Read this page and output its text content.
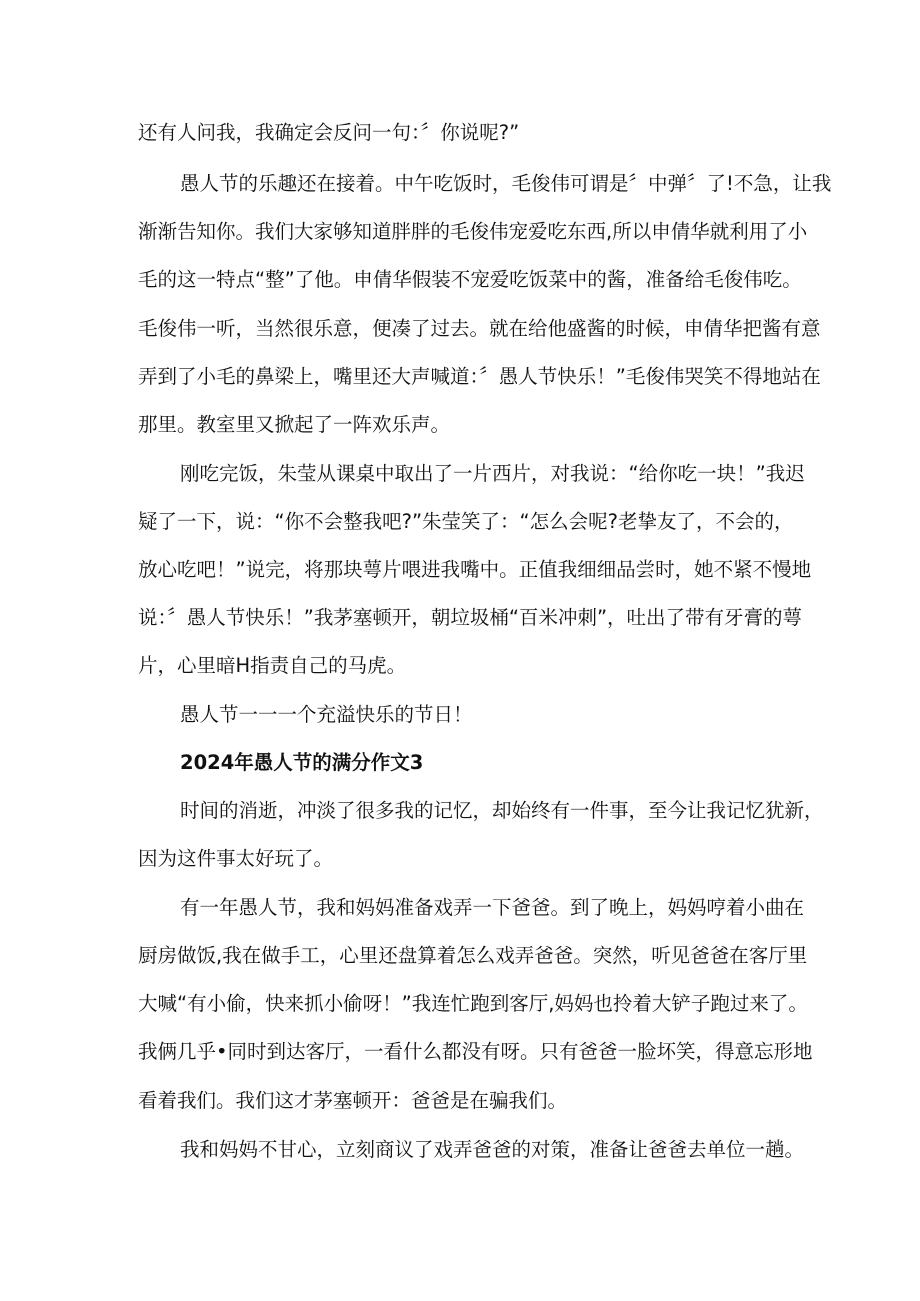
还有人问我，我确定会反问一句：〞你说呢?”
愚人节的乐趣还在接着。中午吃饭时，毛俊伟可谓是〞中弹〞了!不急，让我
渐渐告知你。我们大家够知道胖胖的毛俊伟宠爱吃东西,所以申倩华就利用了小
毛的这一特点“整”了他。申倩华假装不宠爱吃饭菜中的酱，准备给毛俊伟吃。
毛俊伟一听，当然很乐意，便凑了过去。就在给他盛酱的时候，申倩华把酱有意
弄到了小毛的鼻梁上，嘴里还大声喊道：〞愚人节快乐！”毛俊伟哭笑不得地站在
那里。教室里又掀起了一阵欢乐声。
刚吃完饭，朱莹从课桌中取出了一片西片，对我说：“给你吃一块！”我迟
疑了一下，说：“你不会整我吧?”朱莹笑了：“怎么会呢?老挚友了，不会的，
放心吃吧！”说完，将那块萼片喂进我嘴中。正值我细细品尝时，她不紧不慢地
说：〞愚人节快乐！”我茅塞顿开，朝垃圾桶“百米冲刺”，吐出了带有牙膏的萼
片，心里暗H指责自己的马虎。
愚人节一一一个充溢快乐的节日！
2024年愚人节的满分作文3
时间的消逝，冲淡了很多我的记忆，却始终有一件事，至今让我记忆犹新，
因为这件事太好玩了。
有一年愚人节，我和妈妈准备戏弄一下爸爸。到了晚上，妈妈哼着小曲在
厨房做饭,我在做手工，心里还盘算着怎么戏弄爸爸。突然，听见爸爸在客厅里
大喊“有小偷，快来抓小偷呀！”我连忙跑到客厅,妈妈也拎着大铲子跑过来了。
我俩几乎•同时到达客厅，一看什么都没有呀。只有爸爸一脸坏笑，得意忘形地
看着我们。我们这才茅塞顿开：爸爸是在骗我们。
我和妈妈不甘心，立刻商议了戏弄爸爸的对策，准备让爸爸去单位一趟。
